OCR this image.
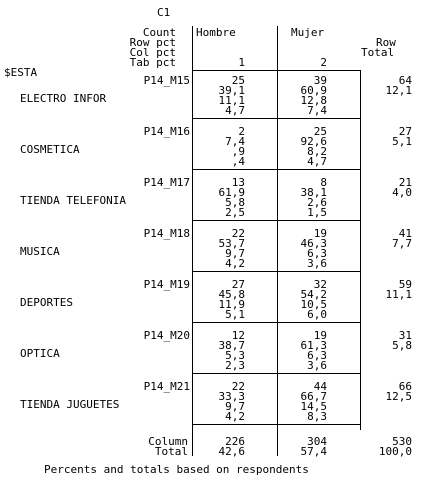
C1
Count
Row pct
Col pct
Tab pct
Hombre	Mujer
1	2
Row
Total
$ESTA
P14_M15
ELECTRO INFOR
25
39,1
11,1
4,7
39
60,9
12,8
7,4
64
12,1
P14_M16
COSMETICA
2
7,4
,9
,4
25
92,6
8,2
4,7
27
5,1
P14_M17
TIENDA TELEFONIA
13
61,9
5,8
2,5
8
38,1
2,6
1,5
21
4,0
P14_M18
MUSICA
22
53,7
9,7
4,2
19
46,3
6,3
3,6
41
7,7
P14_M19
DEPORTES
27
45,8
11,9
5,1
32
54,2
10,5
6,0
59
11,1
P14_M20
OPTICA
12
38,7
5,3
2,3
19
61,3
6,3
3,6
31
5,8
P14_M21
TIENDA JUGUETES
22
33,3
9,7
4,2
44
66,7
14,5
8,3
66
12,5
Column
Total
226
42,6
304
57,4
530
100,0
Percents and totals based on respondents
